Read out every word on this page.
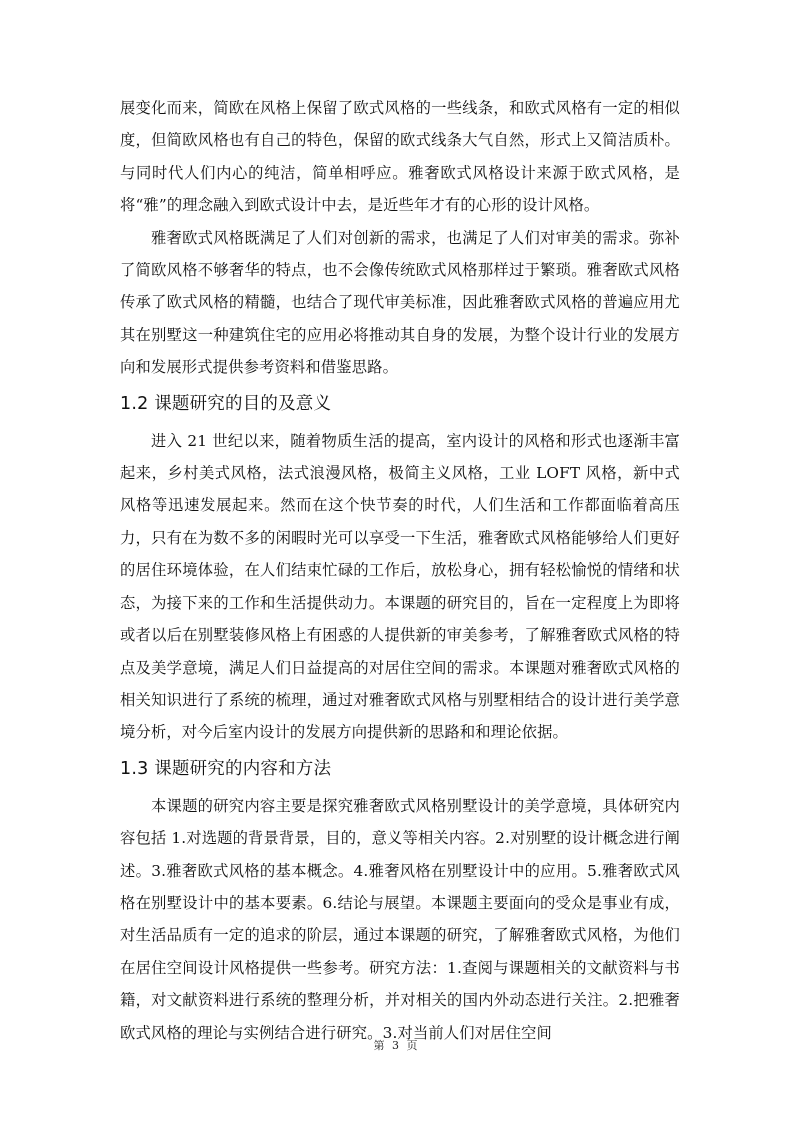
展变化而来，简欧在风格上保留了欧式风格的一些线条，和欧式风格有一定的相似度，但简欧风格也有自己的特色，保留的欧式线条大气自然，形式上又简洁质朴。与同时代人们内心的纯洁，简单相呼应。雅奢欧式风格设计来源于欧式风格，是将“雅”的理念融入到欧式设计中去，是近些年才有的心形的设计风格。

雅奢欧式风格既满足了人们对创新的需求，也满足了人们对审美的需求。弥补了简欧风格不够奢华的特点，也不会像传统欧式风格那样过于繁琐。雅奢欧式风格传承了欧式风格的精髓，也结合了现代审美标准，因此雅奢欧式风格的普遍应用尤其在别墅这一种建筑住宅的应用必将推动其自身的发展，为整个设计行业的发展方向和发展形式提供参考资料和借鉴思路。

1.2 课题研究的目的及意义

进入 21 世纪以来，随着物质生活的提高，室内设计的风格和形式也逐渐丰富起来，乡村美式风格，法式浪漫风格，极简主义风格，工业 LOFT 风格，新中式风格等迅速发展起来。然而在这个快节奏的时代，人们生活和工作都面临着高压力，只有在为数不多的闲暇时光可以享受一下生活，雅奢欧式风格能够给人们更好的居住环境体验，在人们结束忙碌的工作后，放松身心，拥有轻松愉悦的情绪和状态，为接下来的工作和生活提供动力。本课题的研究目的，旨在一定程度上为即将或者以后在别墅装修风格上有困惑的人提供新的审美参考，了解雅奢欧式风格的特点及美学意境，满足人们日益提高的对居住空间的需求。本课题对雅奢欧式风格的相关知识进行了系统的梳理，通过对雅奢欧式风格与别墅相结合的设计进行美学意境分析，对今后室内设计的发展方向提供新的思路和和理论依据。

1.3 课题研究的内容和方法

本课题的研究内容主要是探究雅奢欧式风格别墅设计的美学意境，具体研究内容包括 1.对选题的背景背景，目的，意义等相关内容。2.对别墅的设计概念进行阐述。3.雅奢欧式风格的基本概念。4.雅奢风格在别墅设计中的应用。5.雅奢欧式风格在别墅设计中的基本要素。6.结论与展望。本课题主要面向的受众是事业有成，对生活品质有一定的追求的阶层，通过本课题的研究，了解雅奢欧式风格，为他们在居住空间设计风格提供一些参考。研究方法：1.查阅与课题相关的文献资料与书籍，对文献资料进行系统的整理分析，并对相关的国内外动态进行关注。2.把雅奢欧式风格的理论与实例结合进行研究。3.对当前人们对居住空间

第 3 页
